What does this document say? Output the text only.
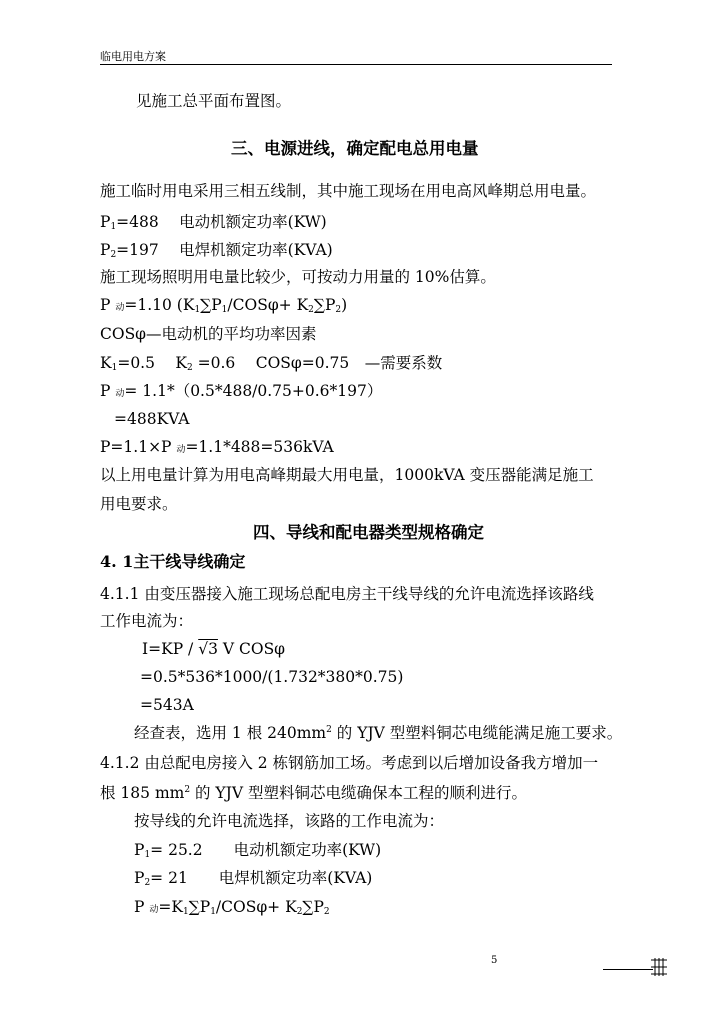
临电用电方案
见施工总平面布置图。
三、电源进线，确定配电总用电量
施工临时用电采用三相五线制，其中施工现场在用电高风峰期总用电量。
$P_1=488$　 电动机额定功率(KW)
$P_2=197$　 电焊机额定功率(KVA)
施工现场照明用电量比较少，可按动力用量的 10%估算。
P 动=1.10 $(K_1\sum P_1/COS\varphi+ K_2\sum P_2)$
COSφ—电动机的平均功率因素
$K_1=0.5$　 $K_2 =0.6$　 COSφ=0.75　—需要系数
P 动= 1.1*（0.5*488/0.75+0.6*197）
=488KVA
P=1.1×P 动=1.1*488=536kVA
以上用电量计算为用电高峰期最大用电量，1000kVA 变压器能满足施工
用电要求。
四、导线和配电器类型规格确定
4. 1主干线导线确定
4.1.1 由变压器接入施工现场总配电房主干线导线的允许电流选择该路线
工作电流为：
I=KP / √3 V COSφ
=0.5*536*1000/(1.732*380*0.75)
=543A
经查表，选用 1 根 $240mm^2$ 的 YJV 型塑料铜芯电缆能满足施工要求。
4.1.2 由总配电房接入 2 栋钢筋加工场。考虑到以后增加设备我方增加一
根 185 $mm^2$ 的 YJV 型塑料铜芯电缆确保本工程的顺利进行。
按导线的允许电流选择，该路的工作电流为：
$P_1= 25.2$　　电动机额定功率(KW)
$P_2= 21$　　电焊机额定功率(KVA)
P 动$=K_1\sum P_1/COS\varphi+ K_2\sum P_2$
5
